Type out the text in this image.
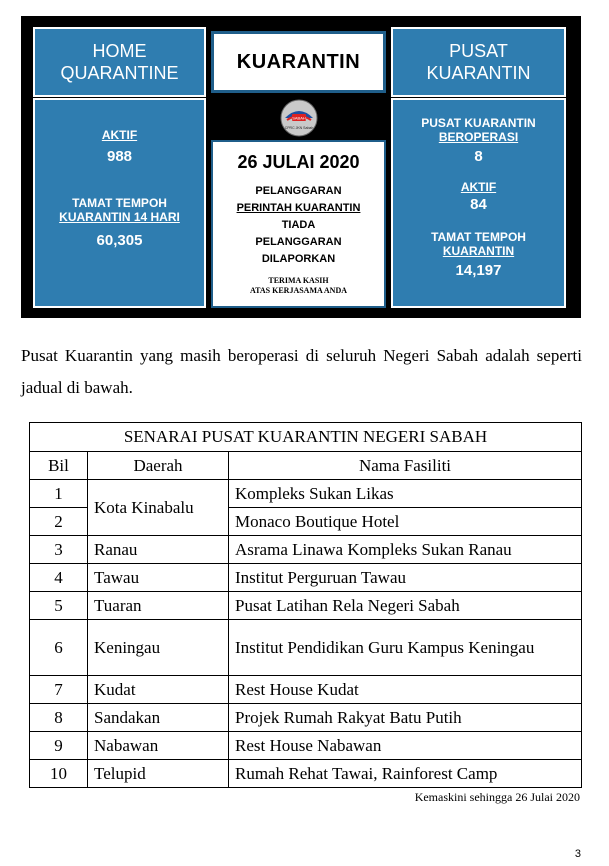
HOME
QUARANTINE	KUARANTIN	PUSAT
KUARANTIN
AKTIF
988
TAMAT TEMPOH
KUARANTIN 14 HARI
60,305
SABAH
CPRC JKN Sabah
26 JULAI 2020
PELANGGARAN
PERINTAH KUARANTIN
TIADA
PELANGGARAN
DILAPORKAN
TERIMA KASIH
ATAS KERJASAMA ANDA
PUSAT KUARANTIN
BEROPERASI
8
AKTIF
84
TAMAT TEMPOH
KUARANTIN
14,197
Pusat Kuarantin yang masih beroperasi di seluruh Negeri Sabah adalah seperti jadual di bawah.
SENARAI PUSAT KUARANTIN NEGERI SABAH		
Bil	Daerah	Nama Fasiliti
1	Kota Kinabalu	Kompleks Sukan Likas
2		Monaco Boutique Hotel
3	Ranau	Asrama Linawa Kompleks Sukan Ranau
4	Tawau	Institut Perguruan Tawau
5	Tuaran	Pusat Latihan Rela Negeri Sabah
6	Keningau	Institut Pendidikan Guru Kampus Keningau
7	Kudat	Rest House Kudat
8	Sandakan	Projek Rumah Rakyat Batu Putih
9	Nabawan	Rest House Nabawan
10	Telupid	Rumah Rehat Tawai, Rainforest Camp
Kemaskini sehingga 26 Julai 2020
3
